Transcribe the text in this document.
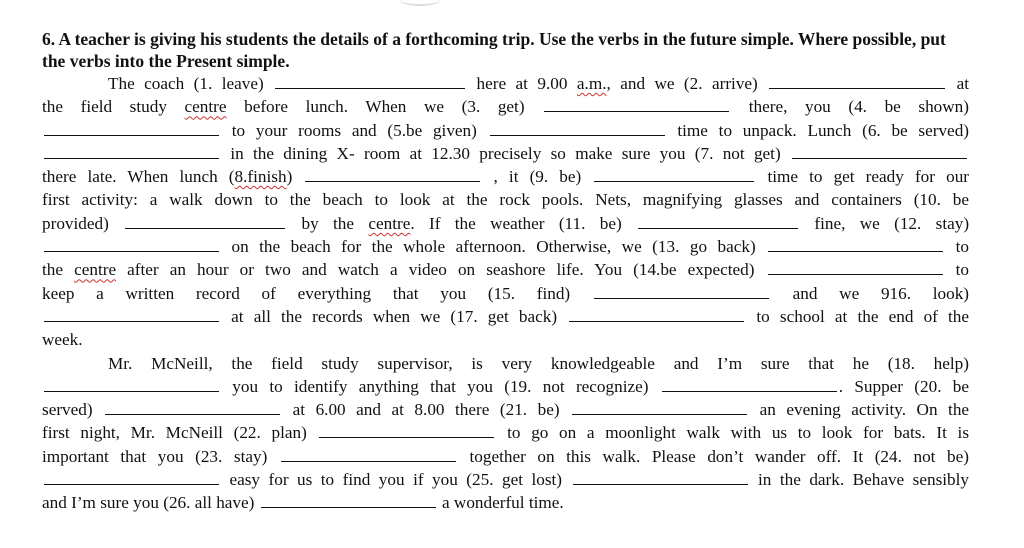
6. A teacher is giving his students the details of a forthcoming trip. Use the verbs in the future simple. Where possible, put the verbs into the Present simple.

The coach (1. leave)	here at 9.00 a.m., and we (2. arrive)	at
the field study centre before lunch. When we (3. get)	there, you (4. be shown)
to your rooms and (5.be given)	time to unpack. Lunch (6. be served)
in the dining X- room at 12.30 precisely so make sure you (7. not get)
there late. When lunch (8.finish)	, it (9. be)	time to get ready for our
first activity: a walk down to the beach to look at the rock pools. Nets, magnifying glasses and containers (10. be
provided)	by the centre. If the weather (11. be)	fine, we (12. stay)
on the beach for the whole afternoon. Otherwise, we (13. go back)	to
the centre after an hour or two and watch a video on seashore life. You (14.be expected)	to
keep a written record of everything that you (15. find)	and we 916. look)
at all the records when we (17. get back)	to school at the end of the
week.
Mr. McNeill, the field study supervisor, is very knowledgeable and I’m sure that he (18. help)
you to identify anything that you (19. not recognize)	. Supper (20. be
served)	at 6.00 and at 8.00 there (21. be)	an evening activity. On the
first night, Mr. McNeill (22. plan)	to go on a moonlight walk with us to look for bats. It is
important that you (23. stay)	together on this walk. Please don’t wander off. It (24. not be)
easy for us to find you if you (25. get lost)	in the dark. Behave sensibly
and I’m sure you (26. all have)	a wonderful time.
